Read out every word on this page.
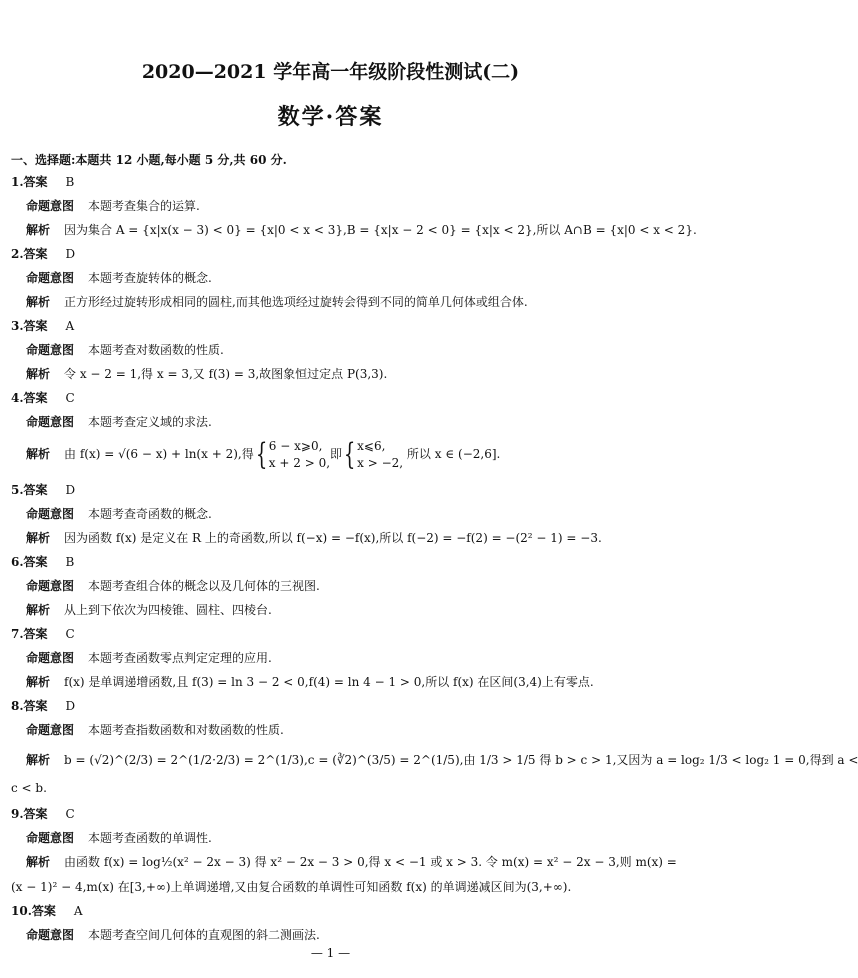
2020—2021 学年高一年级阶段性测试(二)
数学·答案
一、选择题:本题共 12 小题,每小题 5 分,共 60 分.
1.答案 B
命题意图 本题考查集合的运算.
解析 因为集合 A = {x|x(x − 3) < 0} = {x|0 < x < 3},B = {x|x − 2 < 0} = {x|x < 2},所以 A∩B = {x|0 < x < 2}.
2.答案 D
命题意图 本题考查旋转体的概念.
解析 正方形经过旋转形成相同的圆柱,而其他选项经过旋转会得到不同的简单几何体或组合体.
3.答案 A
命题意图 本题考查对数函数的性质.
解析 令 x − 2 = 1,得 x = 3,又 f(3) = 3,故图象恒过定点 P(3,3).
4.答案 C
命题意图 本题考查定义域的求法.
解析 由 f(x) = √(6 − x) + ln(x + 2),得{ 6 − x⩾0,
x + 2 > 0,即{ x⩽6,
x > −2, 所以 x ∈ (−2,6].
5.答案 D
命题意图 本题考查奇函数的概念.
解析 因为函数 f(x) 是定义在 R 上的奇函数,所以 f(−x) = −f(x),所以 f(−2) = −f(2) = −(2² − 1) = −3.
6.答案 B
命题意图 本题考查组合体的概念以及几何体的三视图.
解析 从上到下依次为四棱锥、圆柱、四棱台.
7.答案 C
命题意图 本题考查函数零点判定定理的应用.
解析 f(x) 是单调递增函数,且 f(3) = ln 3 − 2 < 0,f(4) = ln 4 − 1 > 0,所以 f(x) 在区间(3,4)上有零点.
8.答案 D
命题意图 本题考查指数函数和对数函数的性质.
解析 b = (√2)^(2/3) = 2^(1/2·2/3) = 2^(1/3),c = (∛2)^(3/5) = 2^(1/5),由 1/3 > 1/5 得 b > c > 1,又因为 a = log₂ 1/3 < log₂ 1 = 0,得到 a <
c < b.
9.答案 C
命题意图 本题考查函数的单调性.
解析 由函数 f(x) = log½(x² − 2x − 3) 得 x² − 2x − 3 > 0,得 x < −1 或 x > 3. 令 m(x) = x² − 2x − 3,则 m(x) =
(x − 1)² − 4,m(x) 在[3,+∞)上单调递增,又由复合函数的单调性可知函数 f(x) 的单调递减区间为(3,+∞).
10.答案 A
命题意图 本题考查空间几何体的直观图的斜二测画法.
— 1 —
